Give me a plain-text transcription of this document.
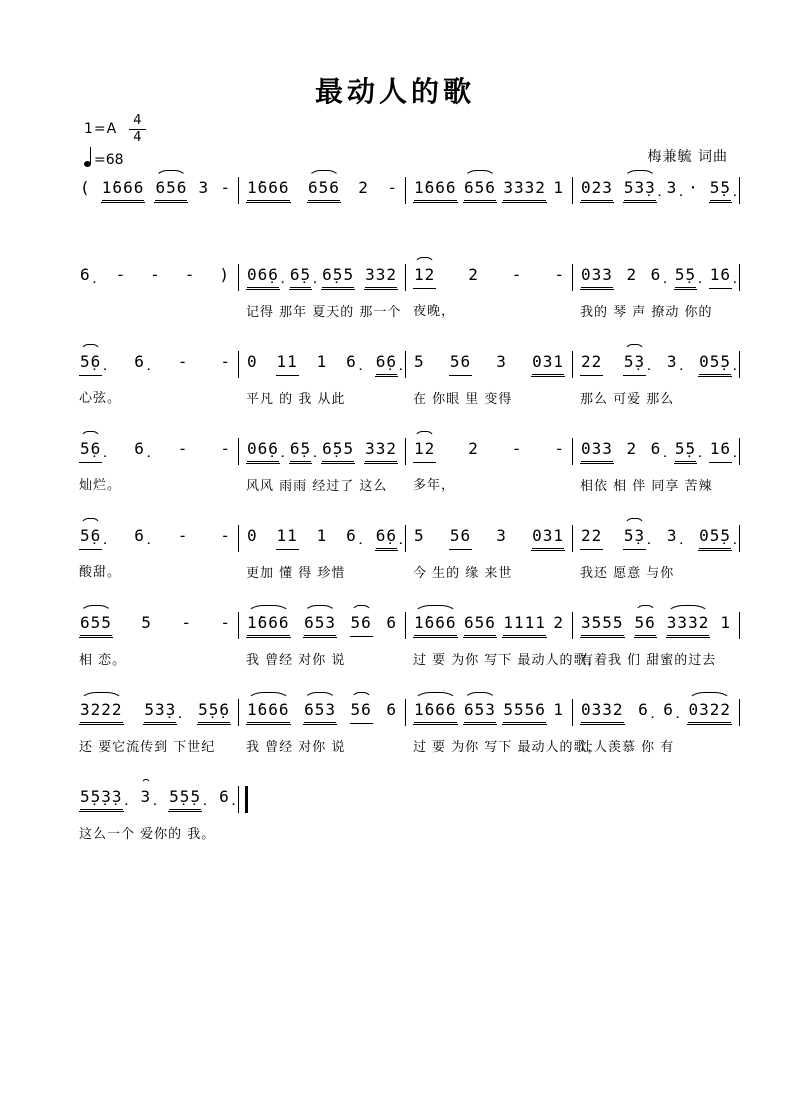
最动人的歌
$1=A \frac{4}{4}$
=68	梅兼毓 词曲
( 1̇666 656 3 - 1̇666 656 2 - 1̇666 656 3332 1 023 53̣3̣ 3̣ · 5̣5̣
6̣ - - - ) 06̣6̣ 6̣5̣ 6̣55 332
记得 那年 夏天的 那一个
12 2 - -
夜晚，
033 2 6̣ 5̣5̣ 16̣
我的 琴 声 撩动 你的
5̣6̣ 6̣ - -
心弦。
0 11 1 6̣ 6̣6̣
平凡 的 我 从此
5 56 3 031
在 你眼 里 变得
22 5̣3̣ 3̣ 05̣5̣
那么 可爱 那么
5̣6̣ 6̣ - -
灿烂。
06̣6̣ 6̣5̣ 6̣55 332
风风 雨雨 经过了 这么
12 2 - -
多年，
033 2 6̣ 5̣5̣ 16̣
相依 相 伴 同享 苦辣
5̣6̣ 6̣ - -
酸甜。
0 11 1 6̣ 6̣6̣
更加 懂 得 珍惜
5 56 3 031
今 生的 缘 来世
22 5̣3̣ 3̣ 05̣5̣
我还 愿意 与你
655 5 - -
相 恋。
1̇666 653 56 6
我 曾经 对你 说
1̇666 656 1111 2
过 要 为你 写下 最动人的歌，
3555 56 3332 1
有着我 们 甜蜜的过去
3222 53̣3̣ 5̣5̣6
还 要它流传到 下世纪
1̇666 653 56 6
我 曾经 对你 说
1̇666 653 5556 1
过 要 为你 写下 最动人的歌，
0332 6̣ 6̣ 0322
让人羡慕 你 有
5̣5̣3̣3̣ 3̣ 5̣5̣5̣ 6̣
这么一个 爱你的 我。
